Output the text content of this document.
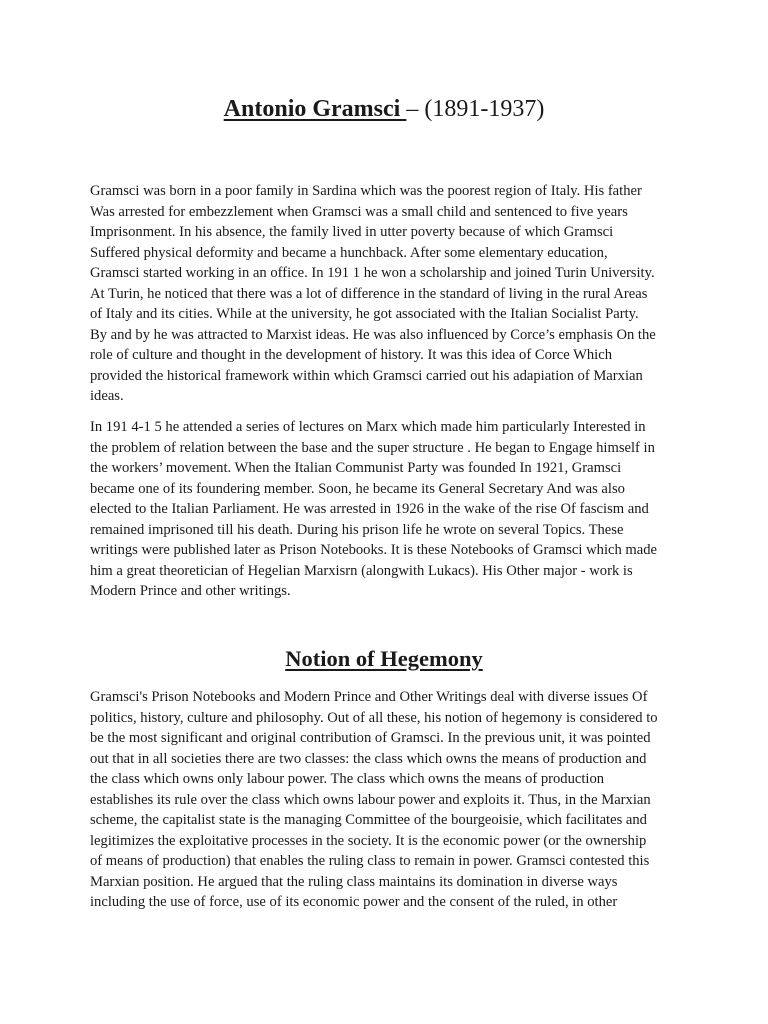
Antonio Gramsci – (1891-1937)

Gramsci was born in a poor family in Sardina which was the poorest region of Italy. His father
Was arrested for embezzlement when Gramsci was a small child and sentenced to five years
Imprisonment. In his absence, the family lived in utter poverty because of which Gramsci
Suffered physical deformity and became a hunchback. After some elementary education,
Gramsci started working in an office. In 191 1 he won a scholarship and joined Turin University.
At Turin, he noticed that there was a lot of difference in the standard of living in the rural Areas
of Italy and its cities. While at the university, he got associated with the Italian Socialist Party.
By and by he was attracted to Marxist ideas. He was also influenced by Corce’s emphasis On the
role of culture and thought in the development of history. It was this idea of Corce Which
provided the historical framework within which Gramsci carried out his adapiation of Marxian
ideas.

In 191 4-1 5 he attended a series of lectures on Marx which made him particularly Interested in
the problem of relation between the base and the super structure . He began to Engage himself in
the workers’ movement. When the Italian Communist Party was founded In 1921, Gramsci
became one of its foundering member. Soon, he became its General Secretary And was also
elected to the Italian Parliament. He was arrested in 1926 in the wake of the rise Of fascism and
remained imprisoned till his death. During his prison life he wrote on several Topics. These
writings were published later as Prison Notebooks. It is these Notebooks of Gramsci which made
him a great theoretician of Hegelian Marxisrn (alongwith Lukacs). His Other major - work is
Modern Prince and other writings.

Notion of Hegemony

Gramsci's Prison Notebooks and Modern Prince and Other Writings deal with diverse issues Of
politics, history, culture and philosophy. Out of all these, his notion of hegemony is considered to
be the most significant and original contribution of Gramsci. In the previous unit, it was pointed
out that in all societies there are two classes: the class which owns the means of production and
the class which owns only labour power. The class which owns the means of production
establishes its rule over the class which owns labour power and exploits it. Thus, in the Marxian
scheme, the capitalist state is the managing Committee of the bourgeoisie, which facilitates and
legitimizes the exploitative processes in the society. It is the economic power (or the ownership
of means of production) that enables the ruling class to remain in power. Gramsci contested this
Marxian position. He argued that the ruling class maintains its domination in diverse ways
including the use of force, use of its economic power and the consent of the ruled, in other
